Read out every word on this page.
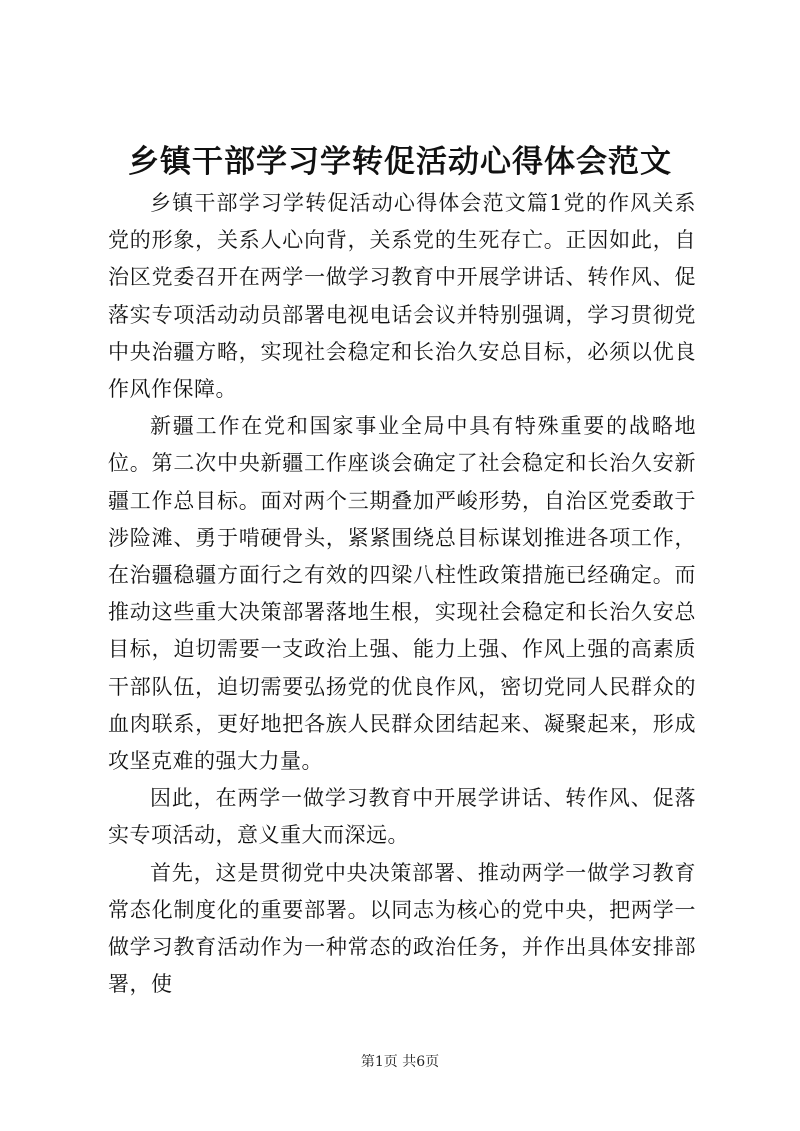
乡镇干部学习学转促活动心得体会范文

乡镇干部学习学转促活动心得体会范文篇1党的作风关系党的形象，关系人心向背，关系党的生死存亡。正因如此，自治区党委召开在两学一做学习教育中开展学讲话、转作风、促落实专项活动动员部署电视电话会议并特别强调，学习贯彻党中央治疆方略，实现社会稳定和长治久安总目标，必须以优良作风作保障。

新疆工作在党和国家事业全局中具有特殊重要的战略地位。第二次中央新疆工作座谈会确定了社会稳定和长治久安新疆工作总目标。面对两个三期叠加严峻形势，自治区党委敢于涉险滩、勇于啃硬骨头，紧紧围绕总目标谋划推进各项工作，在治疆稳疆方面行之有效的四梁八柱性政策措施已经确定。而推动这些重大决策部署落地生根，实现社会稳定和长治久安总目标，迫切需要一支政治上强、能力上强、作风上强的高素质干部队伍，迫切需要弘扬党的优良作风，密切党同人民群众的血肉联系，更好地把各族人民群众团结起来、凝聚起来，形成攻坚克难的强大力量。

因此，在两学一做学习教育中开展学讲话、转作风、促落实专项活动，意义重大而深远。

首先，这是贯彻党中央决策部署、推动两学一做学习教育常态化制度化的重要部署。以同志为核心的党中央，把两学一做学习教育活动作为一种常态的政治任务，并作出具体安排部署，使

第1页 共6页
